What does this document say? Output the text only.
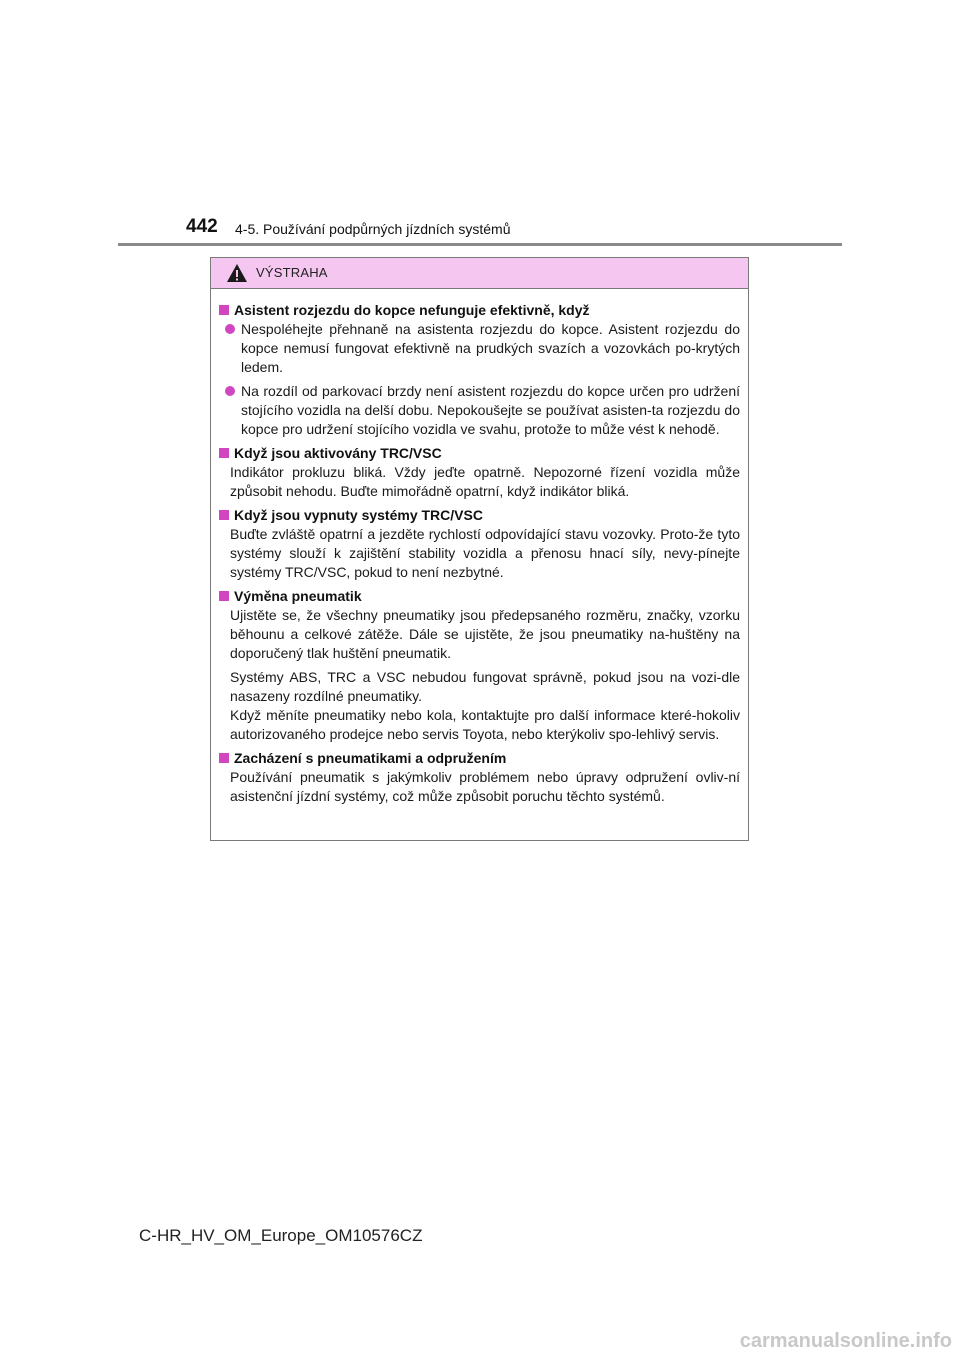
442 4-5. Používání podpůrných jízdních systémů
VÝSTRAHA
Asistent rozjezdu do kopce nefunguje efektivně, když
Nespoléhejte přehnaně na asistenta rozjezdu do kopce. Asistent rozjezdu do kopce nemusí fungovat efektivně na prudkých svazích a vozovkách po-krytých ledem.
Na rozdíl od parkovací brzdy není asistent rozjezdu do kopce určen pro udržení stojícího vozidla na delší dobu. Nepokoušejte se používat asisten-ta rozjezdu do kopce pro udržení stojícího vozidla ve svahu, protože to může vést k nehodě.
Když jsou aktivovány TRC/VSC
Indikátor prokluzu bliká. Vždy jeďte opatrně. Nepozorné řízení vozidla může způsobit nehodu. Buďte mimořádně opatrní, když indikátor bliká.
Když jsou vypnuty systémy TRC/VSC
Buďte zvláště opatrní a jezděte rychlostí odpovídající stavu vozovky. Proto-že tyto systémy slouží k zajištění stability vozidla a přenosu hnací síly, nevy-pínejte systémy TRC/VSC, pokud to není nezbytné.
Výměna pneumatik
Ujistěte se, že všechny pneumatiky jsou předepsaného rozměru, značky, vzorku běhounu a celkové zátěže. Dále se ujistěte, že jsou pneumatiky na-huštěny na doporučený tlak huštění pneumatik.
Systémy ABS, TRC a VSC nebudou fungovat správně, pokud jsou na vozi-dle nasazeny rozdílné pneumatiky.
Když měníte pneumatiky nebo kola, kontaktujte pro další informace které-hokoliv autorizovaného prodejce nebo servis Toyota, nebo kterýkoliv spo-lehlivý servis.
Zacházení s pneumatikami a odpružením
Používání pneumatik s jakýmkoliv problémem nebo úpravy odpružení ovliv-ní asistenční jízdní systémy, což může způsobit poruchu těchto systémů.
C-HR_HV_OM_Europe_OM10576CZ
carmanualsonline.info
